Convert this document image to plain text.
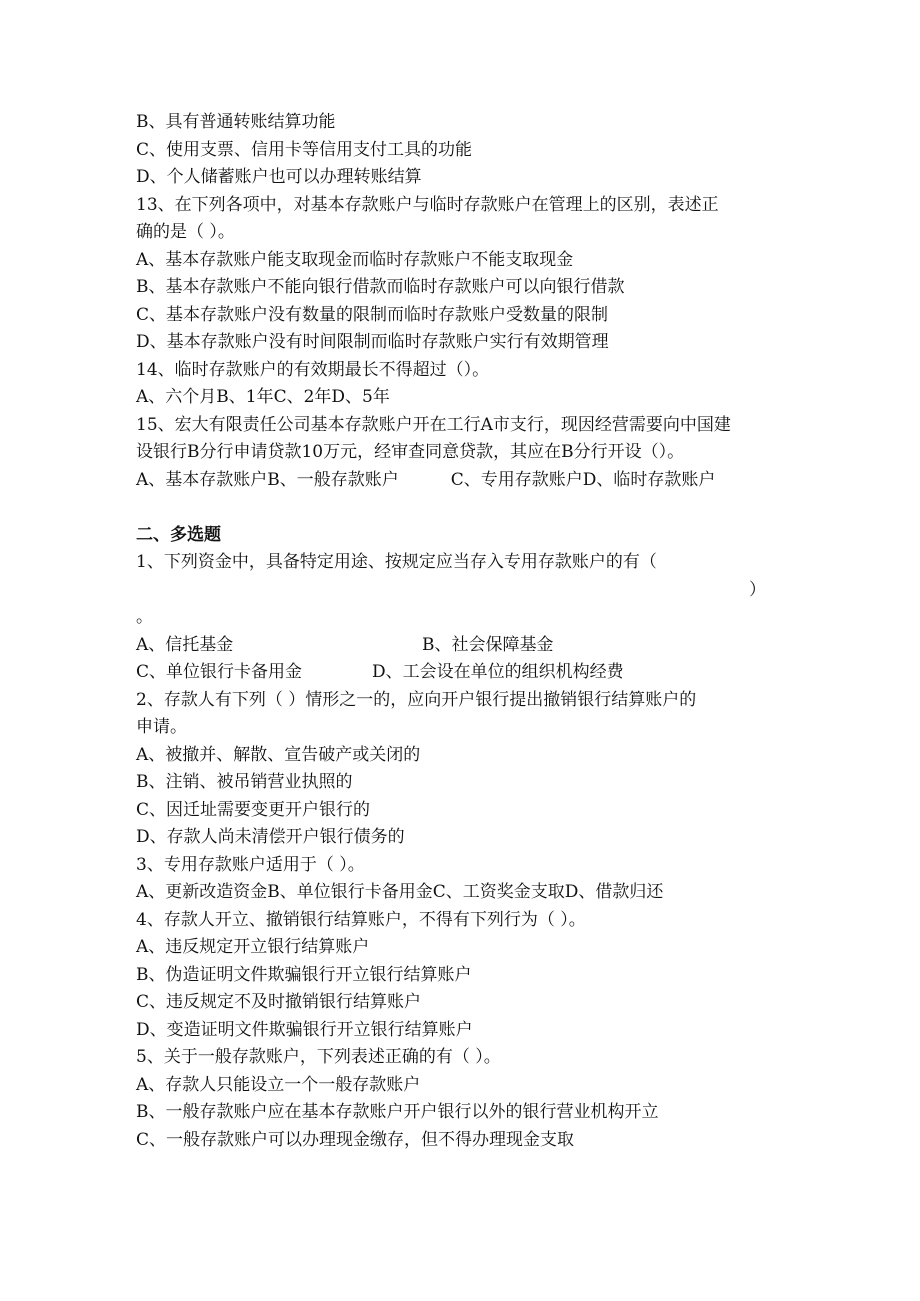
B、具有普通转账结算功能
C、使用支票、信用卡等信用支付工具的功能
D、个人储蓄账户也可以办理转账结算
13、在下列各项中，对基本存款账户与临时存款账户在管理上的区别，表述正
确的是（ ）。
A、基本存款账户能支取现金而临时存款账户不能支取现金
B、基本存款账户不能向银行借款而临时存款账户可以向银行借款
C、基本存款账户没有数量的限制而临时存款账户受数量的限制
D、基本存款账户没有时间限制而临时存款账户实行有效期管理
14、临时存款账户的有效期最长不得超过（）。
A、六个月B、1年C、2年D、5年
15、宏大有限责任公司基本存款账户开在工行A市支行，现因经营需要向中国建
设银行B分行申请贷款10万元，经审查同意贷款，其应在B分行开设（）。
A、基本存款账户B、一般存款账户	C、专用存款账户D、临时存款账户
二、多选题
1、下列资金中，具备特定用途、按规定应当存入专用存款账户的有（
）
。
A、信托基金	B、社会保障基金
C、单位银行卡备用金	D、工会设在单位的组织机构经费
2、存款人有下列（ ）情形之一的，应向开户银行提出撤销银行结算账户的
申请。
A、被撤并、解散、宣告破产或关闭的
B、注销、被吊销营业执照的
C、因迁址需要变更开户银行的
D、存款人尚未清偿开户银行债务的
3、专用存款账户适用于（ ）。
A、更新改造资金B、单位银行卡备用金C、工资奖金支取D、借款归还
4、存款人开立、撤销银行结算账户，不得有下列行为（ ）。
A、违反规定开立银行结算账户
B、伪造证明文件欺骗银行开立银行结算账户
C、违反规定不及时撤销银行结算账户
D、变造证明文件欺骗银行开立银行结算账户
5、关于一般存款账户，下列表述正确的有（ ）。
A、存款人只能设立一个一般存款账户
B、一般存款账户应在基本存款账户开户银行以外的银行营业机构开立
C、一般存款账户可以办理现金缴存，但不得办理现金支取
